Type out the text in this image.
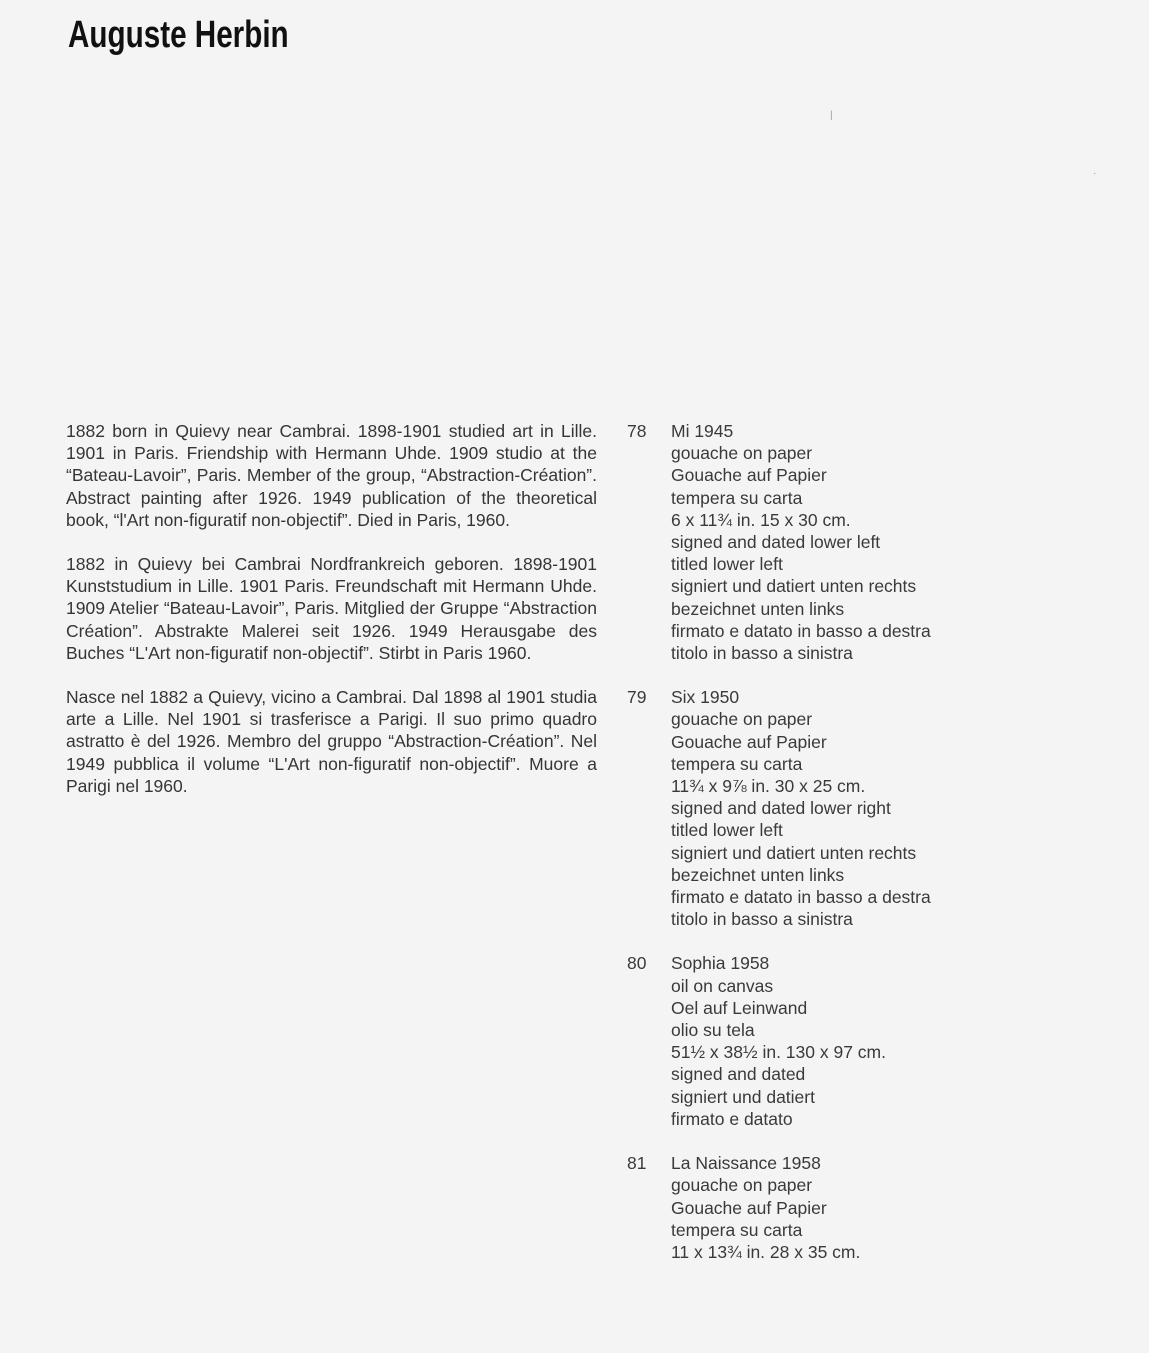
Auguste Herbin

1882 born in Quievy near Cambrai. 1898-1901 studied art in Lille. 1901 in Paris. Friendship with Hermann Uhde. 1909 studio at the “Bateau-Lavoir”, Paris. Member of the group, “Abstraction-Création”. Abstract painting after 1926. 1949 publication of the theoretical book, “l'Art non-figuratif non-objectif”. Died in Paris, 1960.

1882 in Quievy bei Cambrai Nordfrankreich geboren. 1898-1901 Kunststudium in Lille. 1901 Paris. Freundschaft mit Hermann Uhde. 1909 Atelier “Bateau-Lavoir”, Paris. Mitglied der Gruppe “Abstraction Création”. Abstrakte Malerei seit 1926. 1949 Herausgabe des Buches “L'Art non-figuratif non-objectif”. Stirbt in Paris 1960.

Nasce nel 1882 a Quievy, vicino a Cambrai. Dal 1898 al 1901 studia arte a Lille. Nel 1901 si trasferisce a Parigi. Il suo primo quadro astratto è del 1926. Membro del gruppo “Abstraction-Création”. Nel 1949 pubblica il volume “L'Art non-figuratif non-objectif”. Muore a Parigi nel 1960.

78	Mi 1945
gouache on paper
Gouache auf Papier
tempera su carta
6 x 11¾ in. 15 x 30 cm.
signed and dated lower left
titled lower left
signiert und datiert unten rechts
bezeichnet unten links
firmato e datato in basso a destra
titolo in basso a sinistra
79	Six 1950
gouache on paper
Gouache auf Papier
tempera su carta
11¾ x 9⅞ in. 30 x 25 cm.
signed and dated lower right
titled lower left
signiert und datiert unten rechts
bezeichnet unten links
firmato e datato in basso a destra
titolo in basso a sinistra
80	Sophia 1958
oil on canvas
Oel auf Leinwand
olio su tela
51½ x 38½ in. 130 x 97 cm.
signed and dated
signiert und datiert
firmato e datato
81	La Naissance 1958
gouache on paper
Gouache auf Papier
tempera su carta
11 x 13¾ in. 28 x 35 cm.
|
·
